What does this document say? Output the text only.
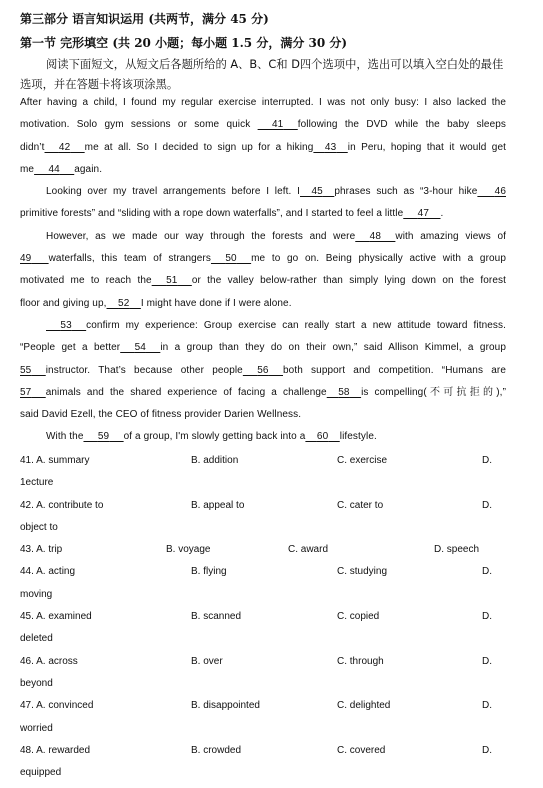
第三部分 语言知识运用 (共两节，满分 45 分)
第一节 完形填空 (共 20 小题；每小题 1.5 分，满分 30 分)
阅读下面短文，从短文后各题所给的 A、B、C和 D四个选项中，选出可以填入空白处的最佳选项，并在答题卡将该项涂黑。
After having a child, I found my regular exercise interrupted. I was not only busy: I also lacked the
motivation. Solo gym sessions or some quick 41 following the DVD while the baby sleeps
didn’t 42 me at all. So I decided to sign up for a hiking 43 in Peru, hoping that it would get
me 44 again.
Looking over my travel arrangements before I left. I 45 phrases such as “3-hour hike 46
primitive forests” and “sliding with a rope down waterfalls”, and I started to feel a little 47 .
However, as we made our way through the forests and were 48 with amazing views of
49 waterfalls, this team of strangers 50 me to go on. Being physically active with a group
motivated me to reach the 51 or the valley below-rather than simply lying down on the forest
floor and giving up, 52 I might have done if I were alone.
53 confirm my experience: Group exercise can really start a new attitude toward fitness.
“People get a better 54 in a group than they do on their own,” said Allison Kimmel, a group
55 instructor. That’s because other people 56 both support and competition. “Humans are
57 animals and the shared experience of facing a challenge 58 is compelling(不可抗拒的),”
said David Ezell, the CEO of fitness provider Darien Wellness.
With the 59 of a group, I'm slowly getting back into a 60 lifestyle.
41. A. summary	B. addition	C. exercise	D.
1ecture
42. A. contribute to	B. appeal to	C. cater to	D.
object to
43. A. trip	B. voyage	C. award	D. speech
44. A. acting	B. flying	C. studying	D.
moving
45. A. examined	B. scanned	C. copied	D.
deleted
46. A. across	B. over	C. through	D.
beyond
47. A. convinced	B. disappointed	C. delighted	D.
worried
48. A. rewarded	B. crowded	C. covered	D.
equipped
